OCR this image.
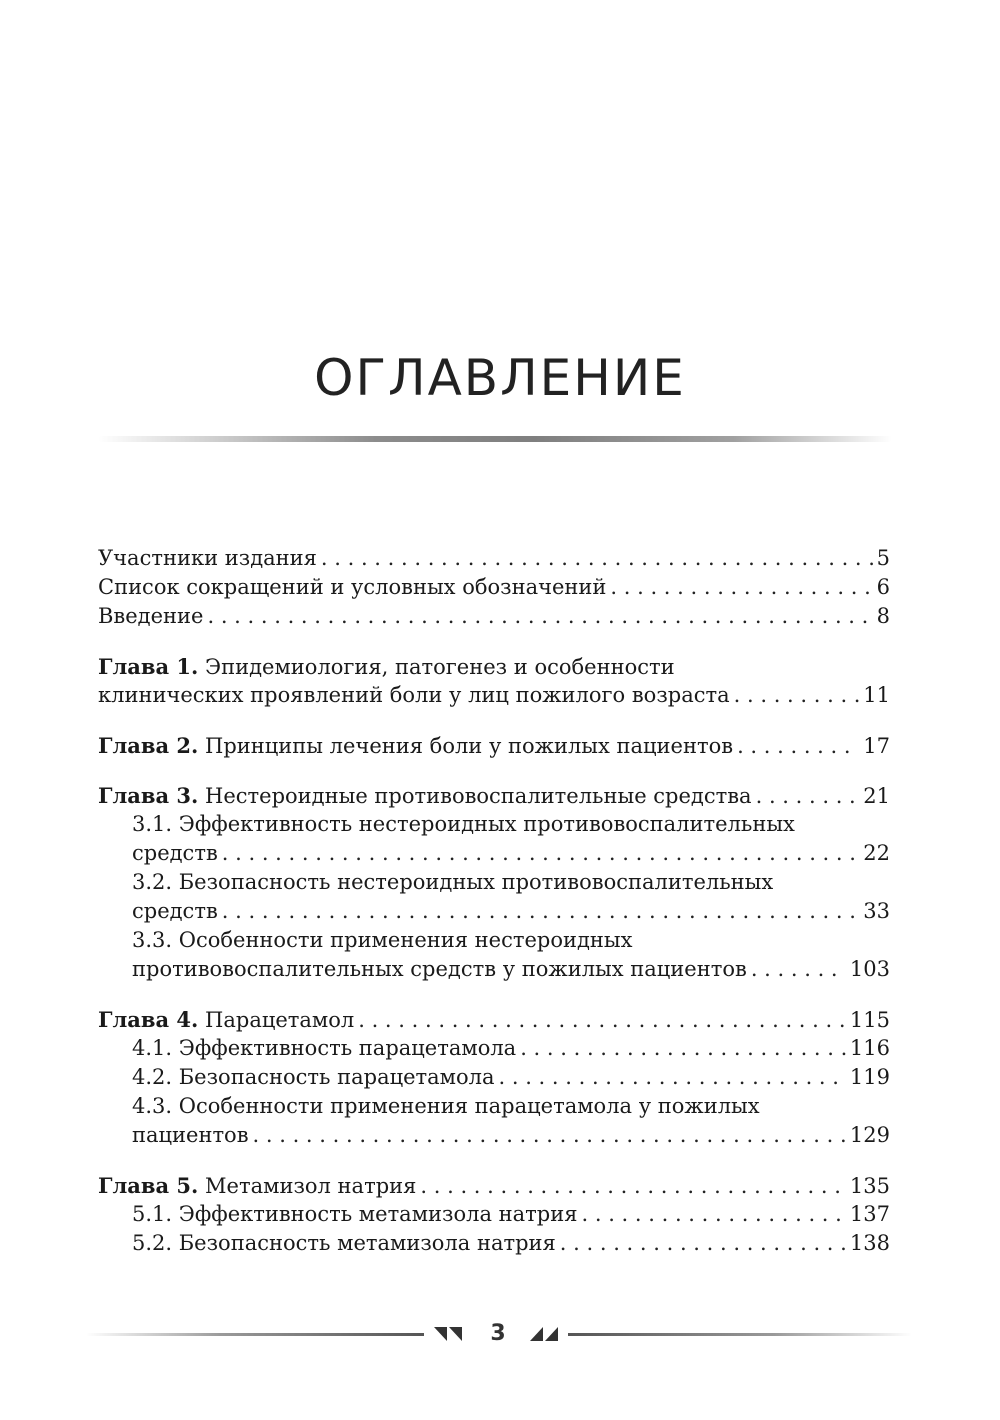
ОГЛАВЛЕНИЕ
Участники издания . . .	5
Список сокращений и условных обозначений . . .	6
Введение . . .	8
Глава 1. Эпидемиология, патогенез и особенности
клинических проявлений боли у лиц пожилого возраста . . .	11
Глава 2. Принципы лечения боли у пожилых пациентов . . .	17
Глава 3. Нестероидные противовоспалительные средства . . .	21
3.1. Эффективность нестероидных противовоспалительных
средств . . .	22
3.2. Безопасность нестероидных противовоспалительных
средств . . .	33
3.3. Особенности применения нестероидных
противовоспалительных средств у пожилых пациентов . . .	103
Глава 4. Парацетамол . . .	115
4.1. Эффективность парацетамола . . .	116
4.2. Безопасность парацетамола . . .	119
4.3. Особенности применения парацетамола у пожилых
пациентов . . .	129
Глава 5. Метамизол натрия . . .	135
5.1. Эффективность метамизола натрия . . .	137
5.2. Безопасность метамизола натрия . . .	138
3
